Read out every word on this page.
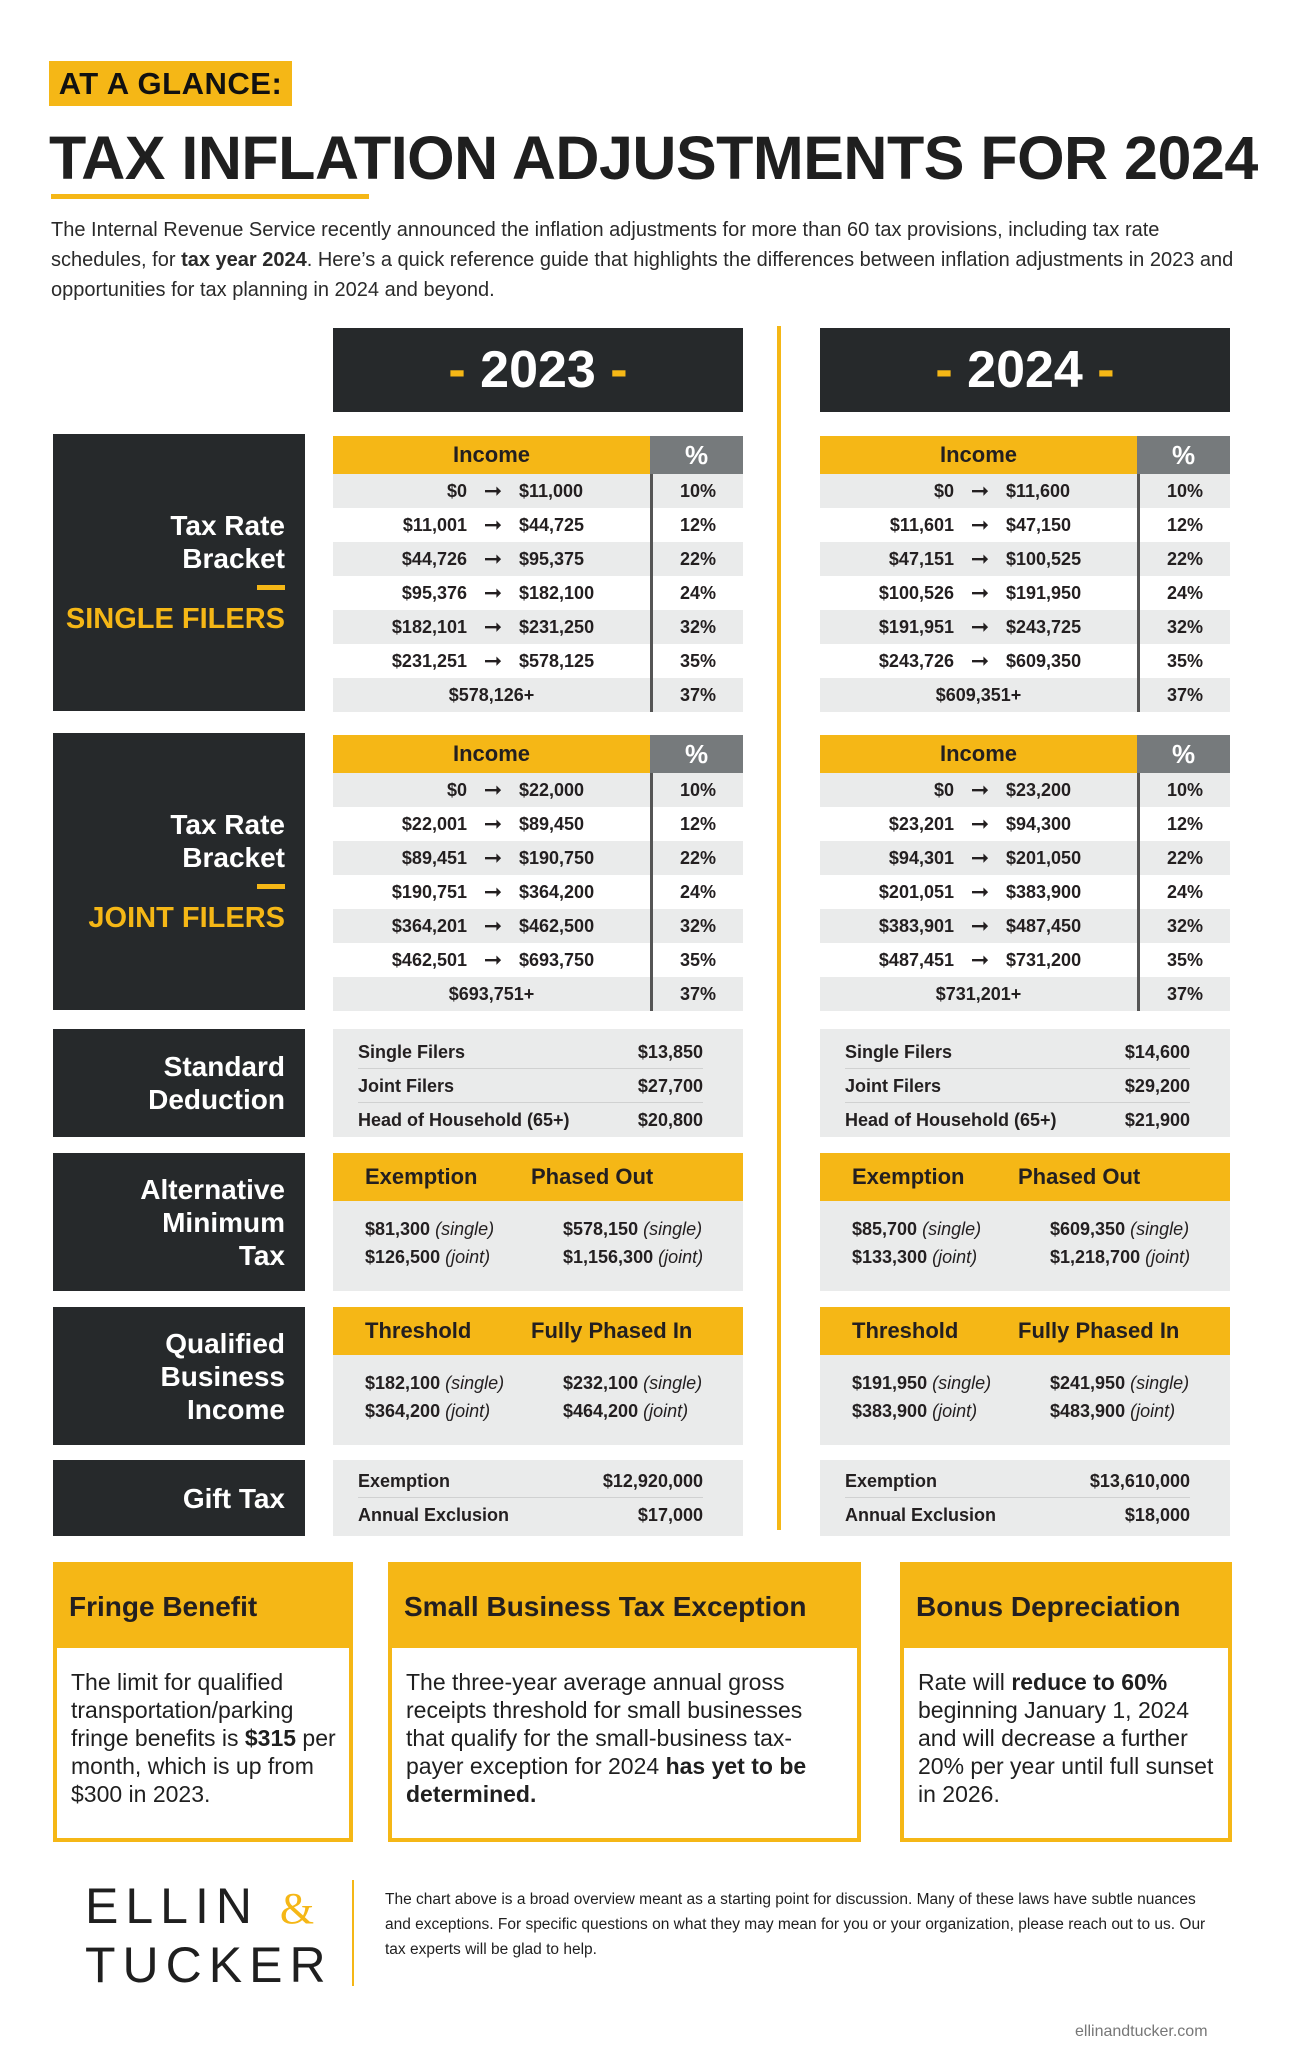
AT A GLANCE:
TAX INFLATION ADJUSTMENTS FOR 2024

The Internal Revenue Service recently announced the inflation adjustments for more than 60 tax provisions, including tax rate schedules, for tax year 2024. Here’s a quick reference guide that highlights the differences between inflation adjustments in 2023 and opportunities for tax planning in 2024 and beyond.

- 2023 -	- 2024 -
Tax Rate
Bracket
SINGLE FILERS
Income	%
$0 ➞ $11,000	10%
$11,001 ➞ $44,725	12%
$44,726 ➞ $95,375	22%
$95,376 ➞ $182,100	24%
$182,101 ➞ $231,250	32%
$231,251 ➞ $578,125	35%
$578,126+	37%
Income	%
$0 ➞ $11,600	10%
$11,601 ➞ $47,150	12%
$47,151 ➞ $100,525	22%
$100,526 ➞ $191,950	24%
$191,951 ➞ $243,725	32%
$243,726 ➞ $609,350	35%
$609,351+	37%
Tax Rate
Bracket
JOINT FILERS
Income	%
$0 ➞ $22,000	10%
$22,001 ➞ $89,450	12%
$89,451 ➞ $190,750	22%
$190,751 ➞ $364,200	24%
$364,201 ➞ $462,500	32%
$462,501 ➞ $693,750	35%
$693,751+	37%
Income	%
$0 ➞ $23,200	10%
$23,201 ➞ $94,300	12%
$94,301 ➞ $201,050	22%
$201,051 ➞ $383,900	24%
$383,901 ➞ $487,450	32%
$487,451 ➞ $731,200	35%
$731,201+	37%
Standard
Deduction
Single Filers	$13,850
Joint Filers	$27,700
Head of Household (65+)	$20,800
Single Filers	$14,600
Joint Filers	$29,200
Head of Household (65+)	$21,900
Alternative
Minimum
Tax
Exemption	Phased Out
$81,300 (single)	$578,150 (single)
$126,500 (joint)	$1,156,300 (joint)
Exemption	Phased Out
$85,700 (single)	$609,350 (single)
$133,300 (joint)	$1,218,700 (joint)
Qualified
Business
Income
Threshold	Fully Phased In
$182,100 (single)	$232,100 (single)
$364,200 (joint)	$464,200 (joint)
Threshold	Fully Phased In
$191,950 (single)	$241,950 (single)
$383,900 (joint)	$483,900 (joint)
Gift Tax
Exemption	$12,920,000
Annual Exclusion	$17,000
Exemption	$13,610,000
Annual Exclusion	$18,000
Fringe Benefit
The limit for qualified transportation/parking fringe benefits is $315 per month, which is up from $300 in 2023.
Small Business Tax Exception
The three-year average annual gross receipts threshold for small businesses that qualify for the small-business tax-payer exception for 2024 has yet to be determined.
Bonus Depreciation
Rate will reduce to 60% beginning January 1, 2024 and will decrease a further 20% per year until full sunset in 2026.
ELLIN &
TUCKER

The chart above is a broad overview meant as a starting point for discussion. Many of these laws have subtle nuances and exceptions. For specific questions on what they may mean for you or your organization, please reach out to us. Our tax experts will be glad to help.

ellinandtucker.com
